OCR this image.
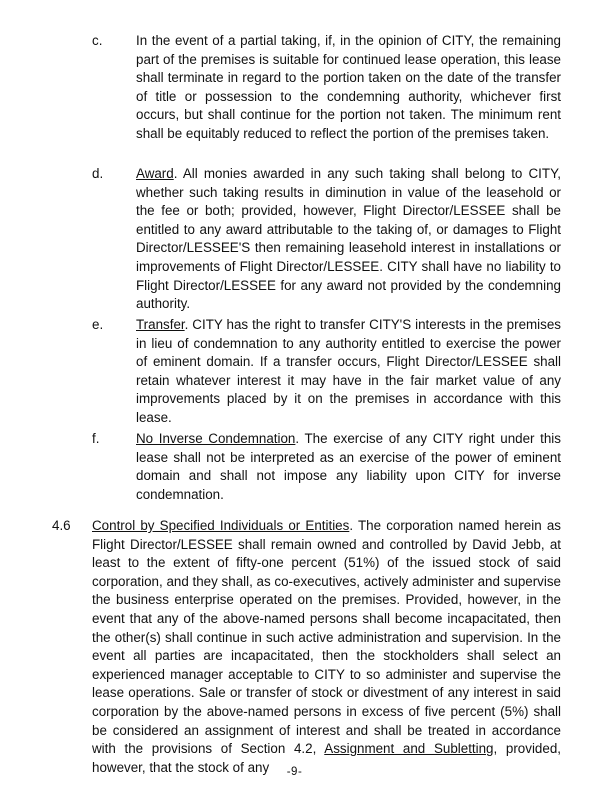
c.	In the event of a partial taking, if, in the opinion of CITY, the remaining part of the premises is suitable for continued lease operation, this lease shall terminate in regard to the portion taken on the date of the transfer of title or possession to the condemning authority, whichever first occurs, but shall continue for the portion not taken. The minimum rent shall be equitably reduced to reflect the portion of the premises taken.

d. Award. All monies awarded in any such taking shall belong to CITY, whether such taking results in diminution in value of the leasehold or the fee or both; provided, however, Flight Director/LESSEE shall be entitled to any award attributable to the taking of, or damages to Flight Director/LESSEE'S then remaining leasehold interest in installations or improvements of Flight Director/LESSEE. CITY shall have no liability to Flight Director/LESSEE for any award not provided by the condemning authority.

e. Transfer. CITY has the right to transfer CITY'S interests in the premises in lieu of condemnation to any authority entitled to exercise the power of eminent domain. If a transfer occurs, Flight Director/LESSEE shall retain whatever interest it may have in the fair market value of any improvements placed by it on the premises in accordance with this lease.

f.	No Inverse Condemnation. The exercise of any CITY right under this lease shall not be interpreted as an exercise of the power of eminent domain and shall not impose any liability upon CITY for inverse condemnation.

4.6 Control by Specified Individuals or Entities. The corporation named herein as Flight Director/LESSEE shall remain owned and controlled by David Jebb, at least to the extent of fifty-one percent (51%) of the issued stock of said corporation, and they shall, as co-executives, actively administer and supervise the business enterprise operated on the premises. Provided, however, in the event that any of the above-named persons shall become incapacitated, then the other(s) shall continue in such active administration and supervision. In the event all parties are incapacitated, then the stockholders shall select an experienced manager acceptable to CITY to so administer and supervise the lease operations. Sale or transfer of stock or divestment of any interest in said corporation by the above-named persons in excess of five percent (5%) shall be considered an assignment of interest and shall be treated in accordance with the provisions of Section 4.2, Assignment and Subletting, provided, however, that the stock of any	-9-
